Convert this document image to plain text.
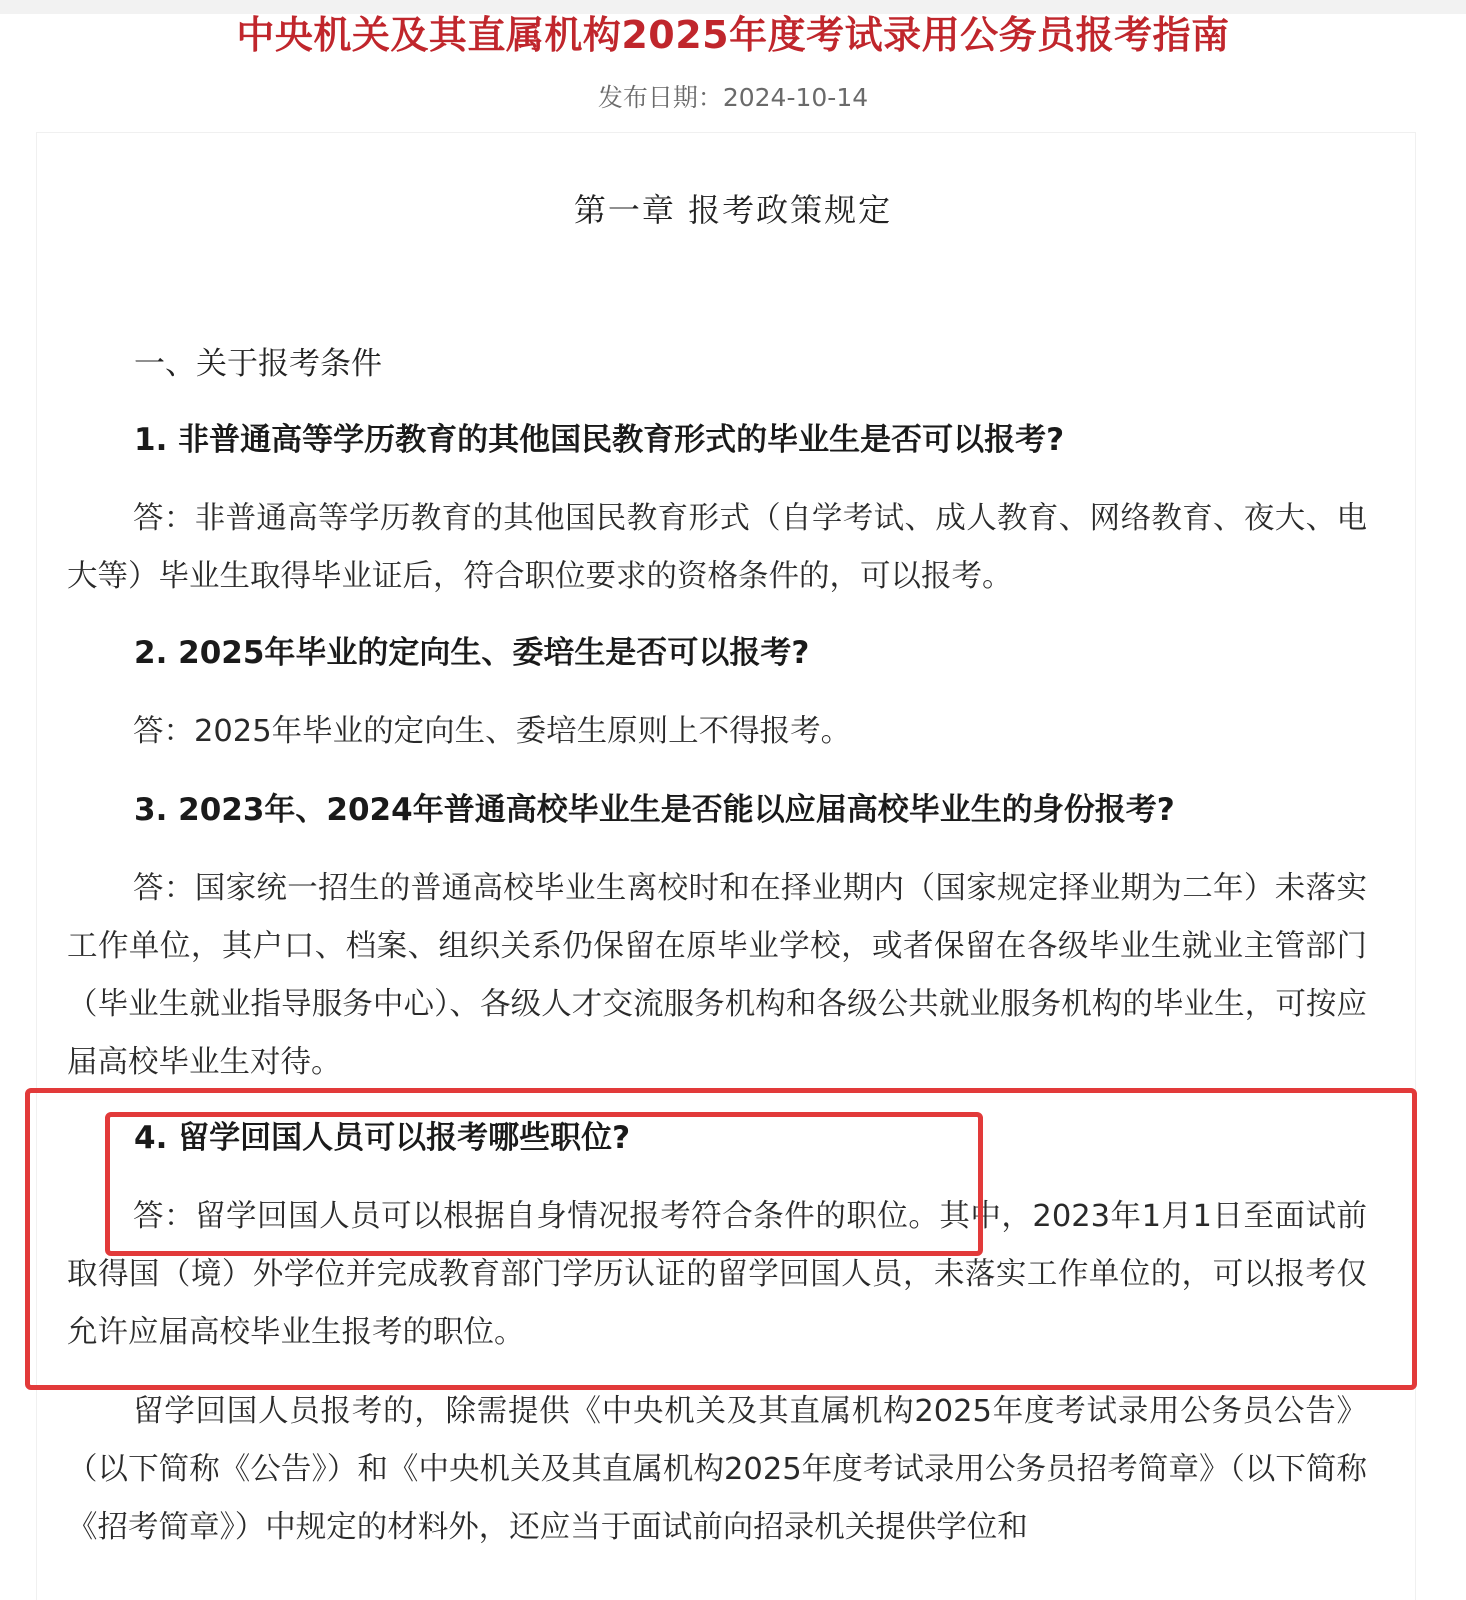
中央机关及其直属机构2025年度考试录用公务员报考指南
发布日期：2024-10-14
第一章 报考政策规定
一、关于报考条件
1. 非普通高等学历教育的其他国民教育形式的毕业生是否可以报考?

答：非普通高等学历教育的其他国民教育形式（自学考试、成人教育、网络教育、夜大、电大等）毕业生取得毕业证后，符合职位要求的资格条件的，可以报考。

2. 2025年毕业的定向生、委培生是否可以报考?

答：2025年毕业的定向生、委培生原则上不得报考。

3. 2023年、2024年普通高校毕业生是否能以应届高校毕业生的身份报考?

答：国家统一招生的普通高校毕业生离校时和在择业期内（国家规定择业期为二年）未落实工作单位，其户口、档案、组织关系仍保留在原毕业学校，或者保留在各级毕业生就业主管部门（毕业生就业指导服务中心）、各级人才交流服务机构和各级公共就业服务机构的毕业生，可按应届高校毕业生对待。

4. 留学回国人员可以报考哪些职位?

答：留学回国人员可以根据自身情况报考符合条件的职位。其中，2023年1月1日至面试前取得国（境）外学位并完成教育部门学历认证的留学回国人员，未落实工作单位的，可以报考仅允许应届高校毕业生报考的职位。

留学回国人员报考的，除需提供《中央机关及其直属机构2025年度考试录用公务员公告》（以下简称《公告》）和《中央机关及其直属机构2025年度考试录用公务员招考简章》（以下简称《招考简章》）中规定的材料外，还应当于面试前向招录机关提供学位和
